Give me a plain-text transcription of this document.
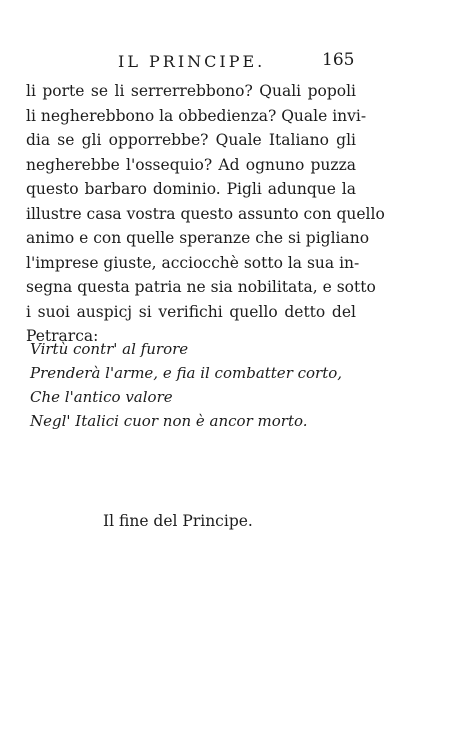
IL PRINCIPE.	165
li porte se li serrerrebbono? Quali popoli
li negherebbono la obbedienza? Quale invi-
dia se gli opporrebbe? Quale Italiano gli
negherebbe l'ossequio? Ad ognuno puzza
questo barbaro dominio. Pigli adunque la
illustre casa vostra questo assunto con quello
animo e con quelle speranze che si pigliano
l'imprese giuste, acciocchè sotto la sua in-
segna questa patria ne sia nobilitata, e sotto
i suoi auspicj si verifichi quello detto del
Petrarca:
Virtù contr' al furore
Prenderà l'arme, e fia il combatter corto,
Che l'antico valore
Negl' Italici cuor non è ancor morto.
Il fine del Principe.
